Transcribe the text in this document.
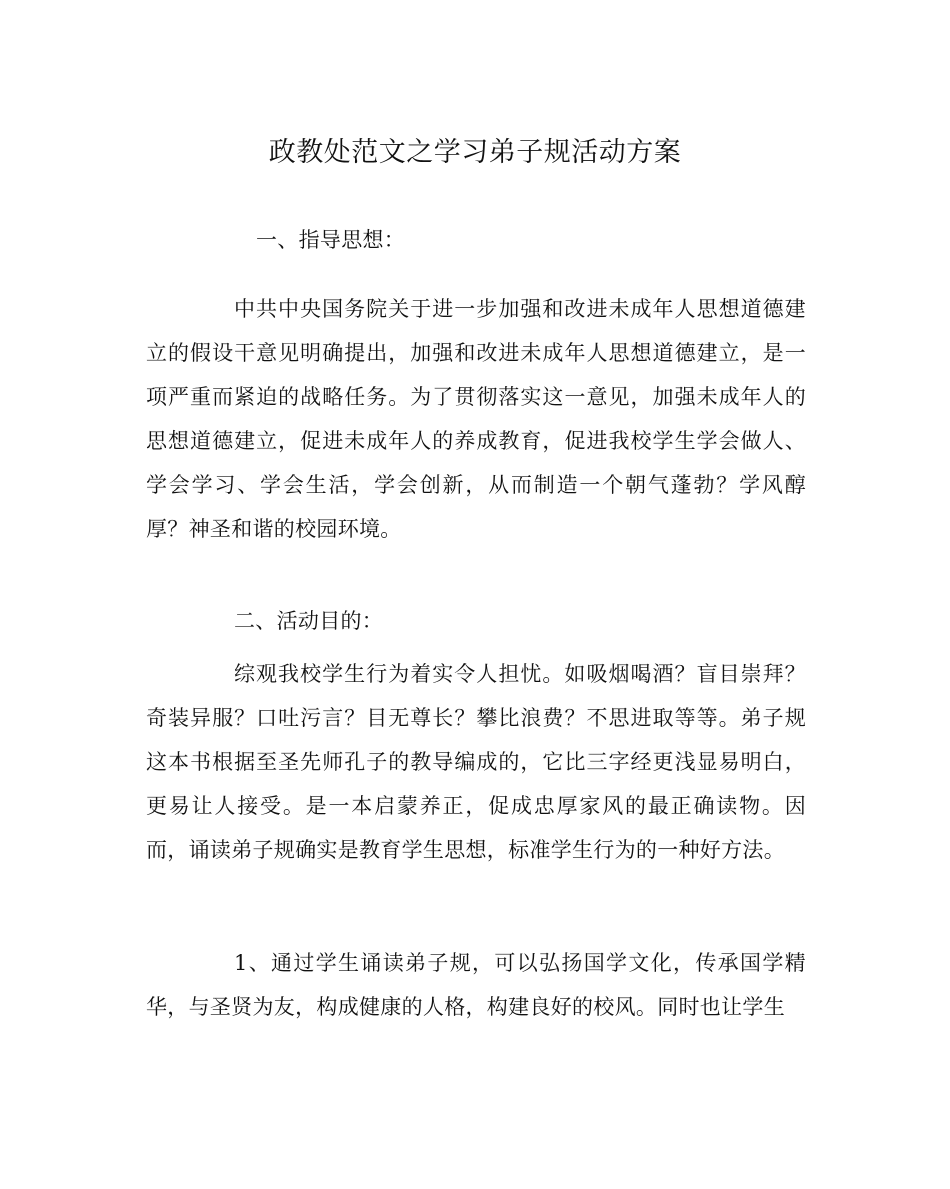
政教处范文之学习弟子规活动方案

一、指导思想：

中共中央国务院关于进一步加强和改进未成年人思想道德建立的假设干意见明确提出，加强和改进未成年人思想道德建立，是一项严重而紧迫的战略任务。为了贯彻落实这一意见，加强未成年人的思想道德建立，促进未成年人的养成教育，促进我校学生学会做人、学会学习、学会生活，学会创新，从而制造一个朝气蓬勃？学风醇厚？神圣和谐的校园环境。

二、活动目的：

综观我校学生行为着实令人担忧。如吸烟喝酒？盲目崇拜？奇装异服？口吐污言？目无尊长？攀比浪费？不思进取等等。弟子规这本书根据至圣先师孔子的教导编成的，它比三字经更浅显易明白，更易让人接受。是一本启蒙养正，促成忠厚家风的最正确读物。因而，诵读弟子规确实是教育学生思想，标准学生行为的一种好方法。

1、通过学生诵读弟子规，可以弘扬国学文化，传承国学精华，与圣贤为友，构成健康的人格，构建良好的校风。同时也让学生
